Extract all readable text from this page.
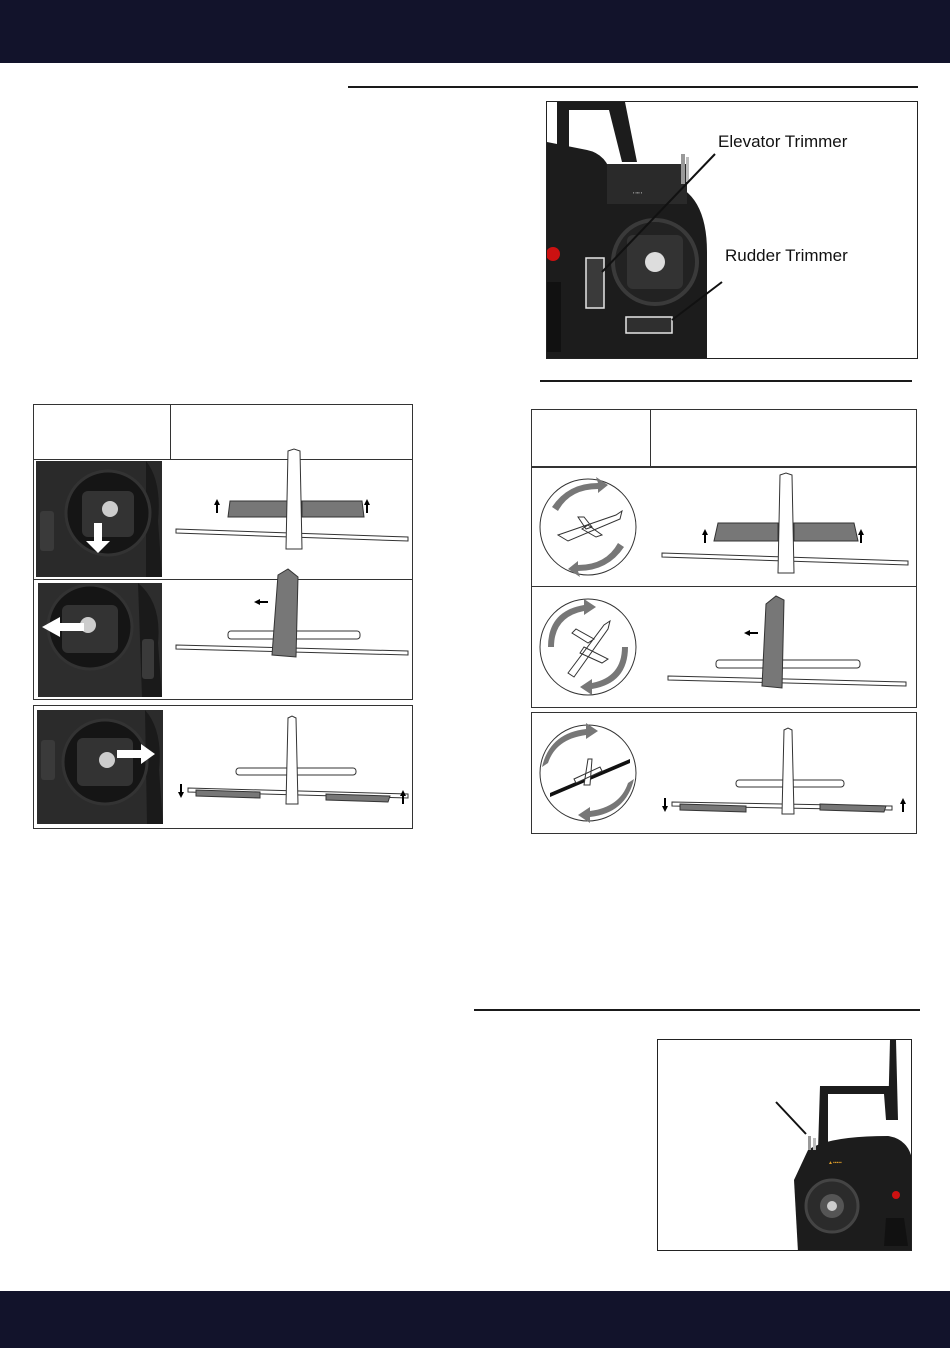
▪ ▪▪▪ ▪
Elevator Trimmer
Rudder Trimmer
▲▪▪▪▪▪
